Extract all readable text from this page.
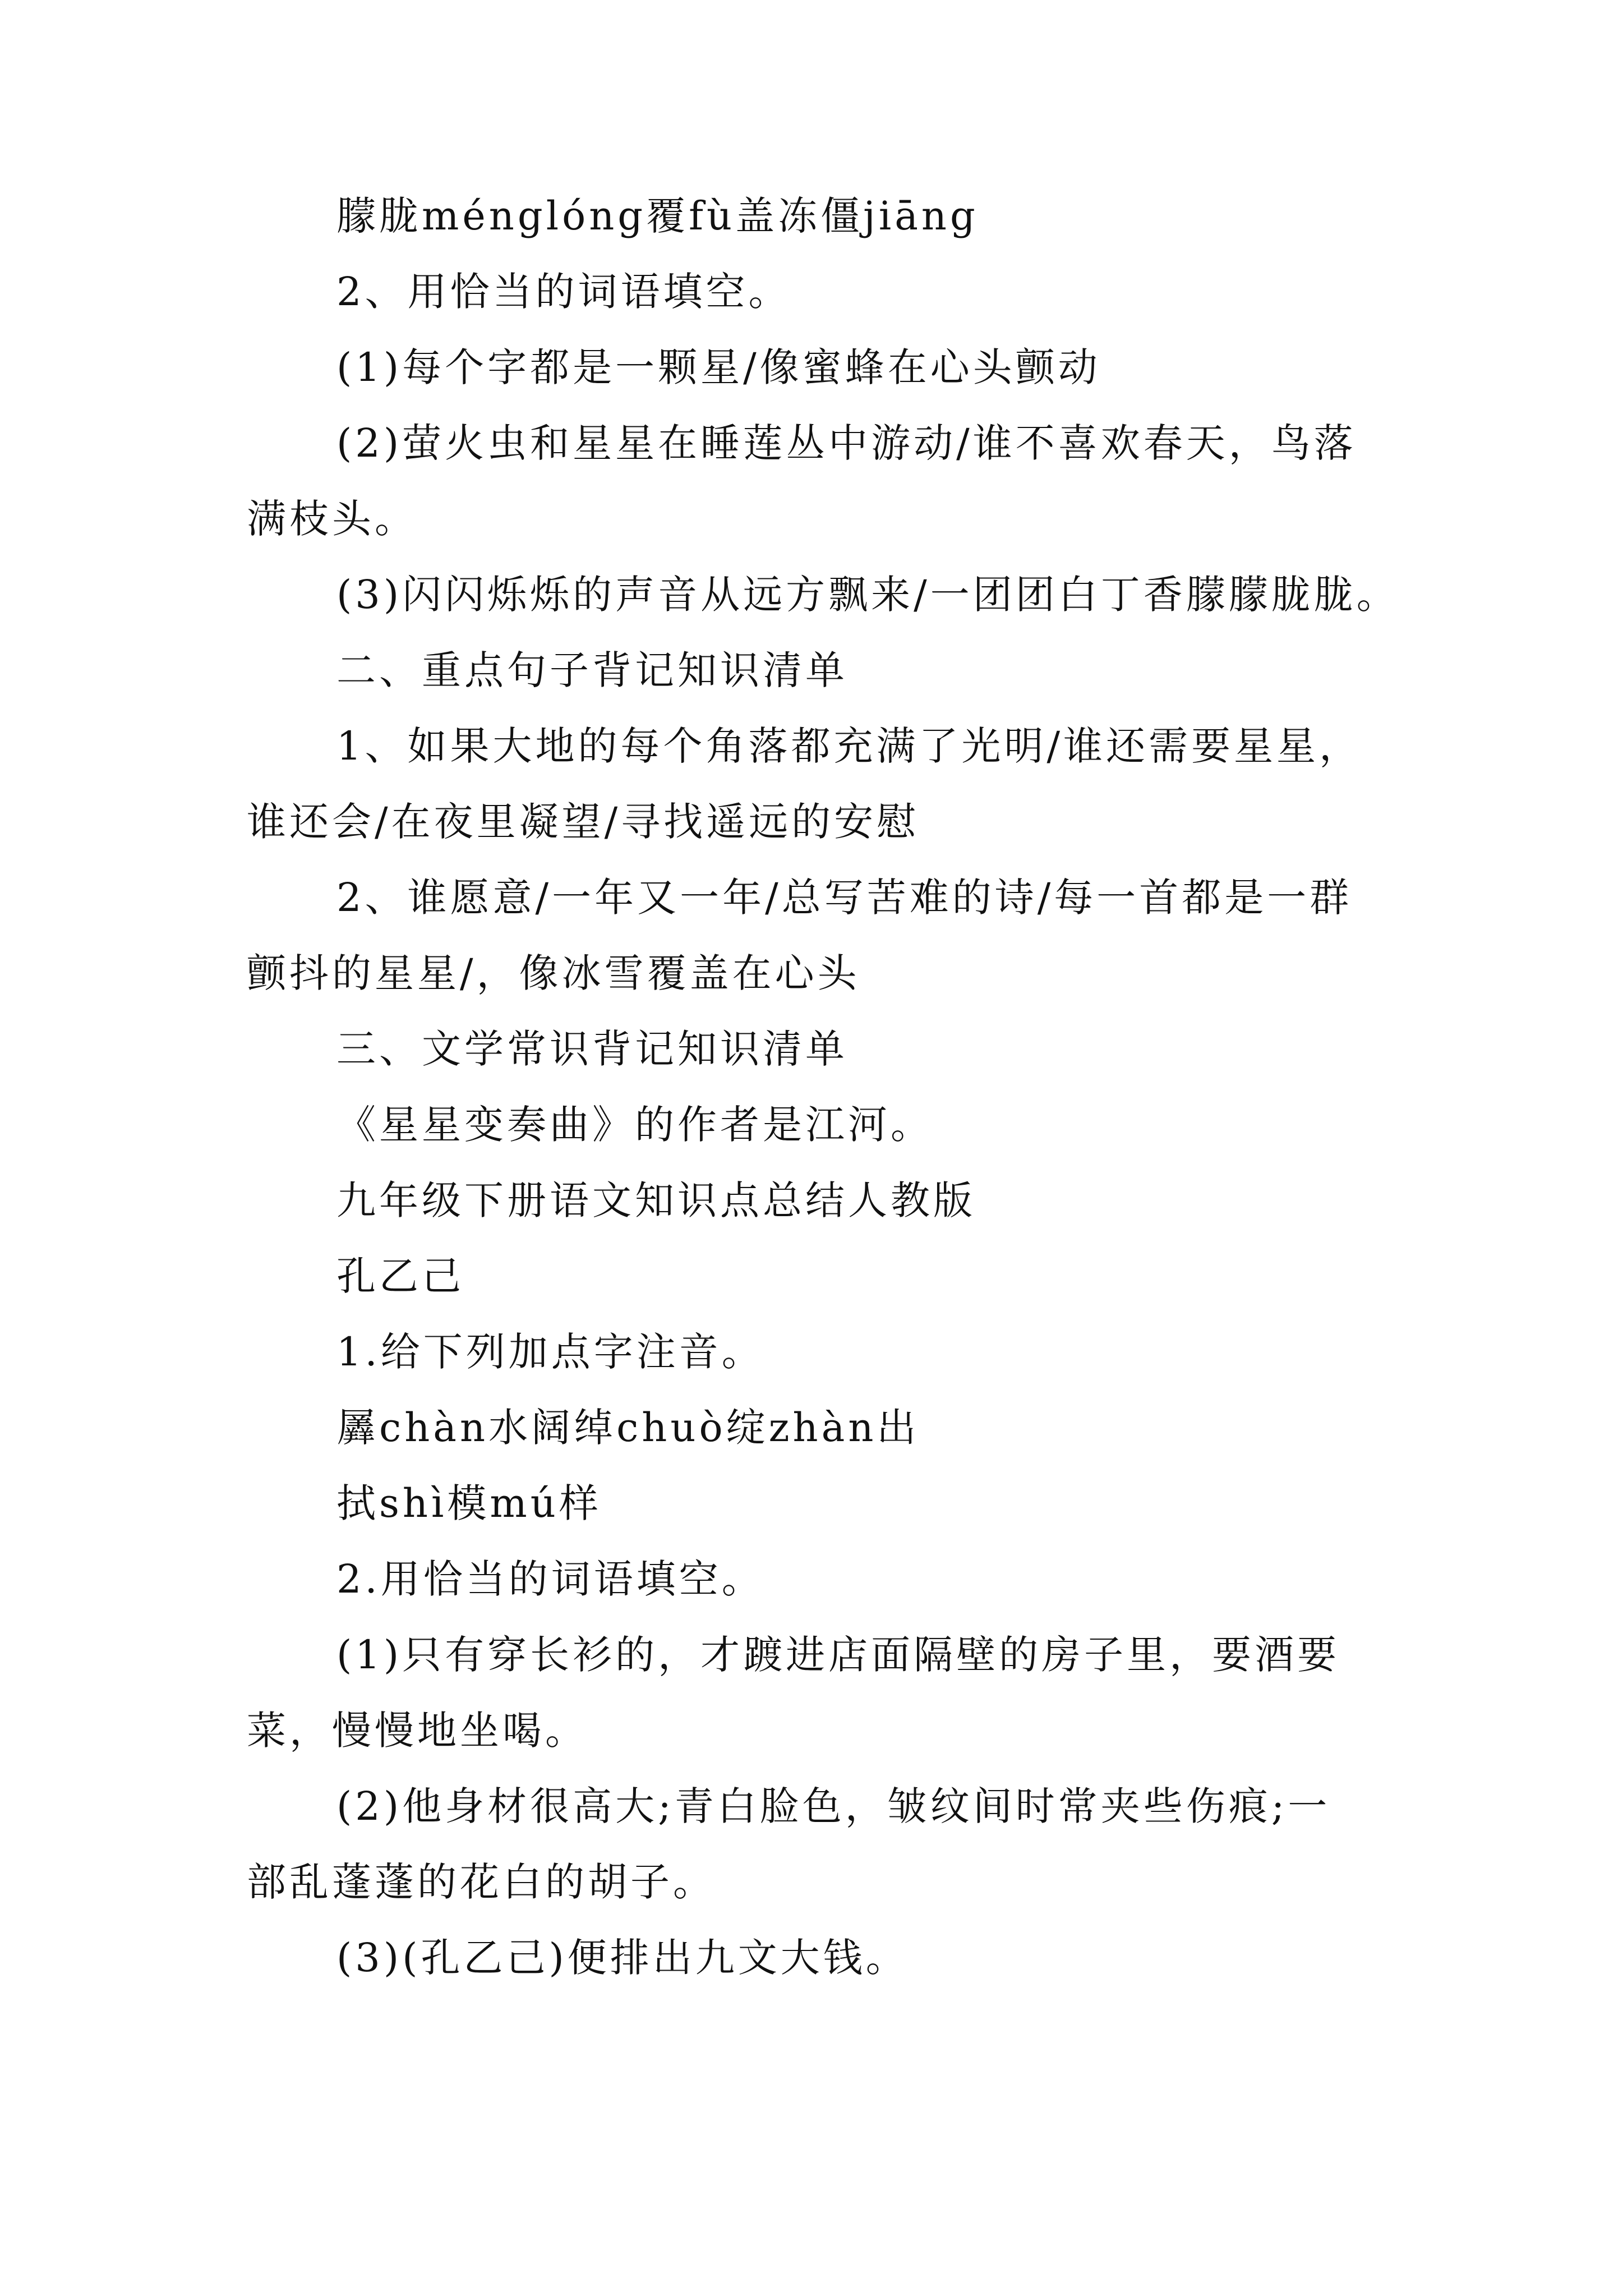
朦胧ménglóng覆fù盖冻僵jiāng
2、用恰当的词语填空。
(1)每个字都是一颗星/像蜜蜂在心头颤动
(2)萤火虫和星星在睡莲丛中游动/谁不喜欢春天，鸟落
满枝头。
(3)闪闪烁烁的声音从远方飘来/一团团白丁香朦朦胧胧。
二、重点句子背记知识清单
1、如果大地的每个角落都充满了光明/谁还需要星星，
谁还会/在夜里凝望/寻找遥远的安慰
2、谁愿意/一年又一年/总写苦难的诗/每一首都是一群
颤抖的星星/，像冰雪覆盖在心头
三、文学常识背记知识清单
《星星变奏曲》的作者是江河。
九年级下册语文知识点总结人教版
孔乙己
1.给下列加点字注音。
羼chàn水阔绰chuò绽zhàn出
拭shì模mú样
2.用恰当的词语填空。
(1)只有穿长衫的，才踱进店面隔壁的房子里，要酒要
菜，慢慢地坐喝。
(2)他身材很高大;青白脸色，皱纹间时常夹些伤痕;一
部乱蓬蓬的花白的胡子。
(3)(孔乙己)便排出九文大钱。
